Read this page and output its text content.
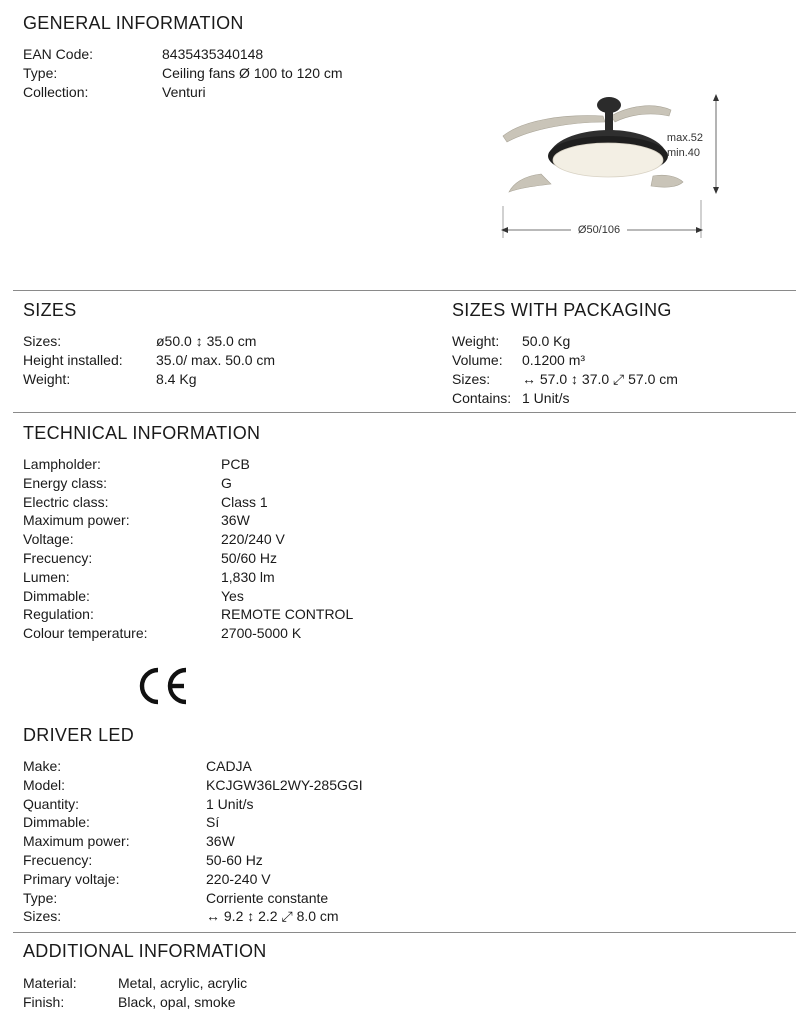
GENERAL INFORMATION
EAN Code:	8435435340148
Type:	Ceiling fans Ø 100 to 120 cm
Collection:	Venturi
max.52
min.40
Ø50/106
SIZES
Sizes:	ø50.0 ↕ 35.0 cm
Height installed: 35.0/ max. 50.0 cm
Weight:	8.4 Kg
SIZES WITH PACKAGING
Weight: 50.0 Kg
Volume: 0.1200 m³
Sizes: ↔ 57.0 ↕ 37.0 ⤢ 57.0 cm
Contains: 1 Unit/s
TECHNICAL INFORMATION
Lampholder:	PCB
Energy class:	G
Electric class:	Class 1
Maximum power:	36W
Voltage:	220/240 V
Frecuency:	50/60 Hz
Lumen:	1,830 lm
Dimmable:	Yes
Regulation:	REMOTE CONTROL
Colour temperature:	2700-5000 K
DRIVER LED
Make:	CADJA
Model:	KCJGW36L2WY-285GGI
Quantity:	1 Unit/s
Dimmable:	Sí
Maximum power:	36W
Frecuency:	50-60 Hz
Primary voltaje:	220-240 V
Type:	Corriente constante
Sizes:	↔ 9.2 ↕ 2.2 ⤢ 8.0 cm
ADDITIONAL INFORMATION
Material:	Metal, acrylic, acrylic
Finish:	Black, opal, smoke
